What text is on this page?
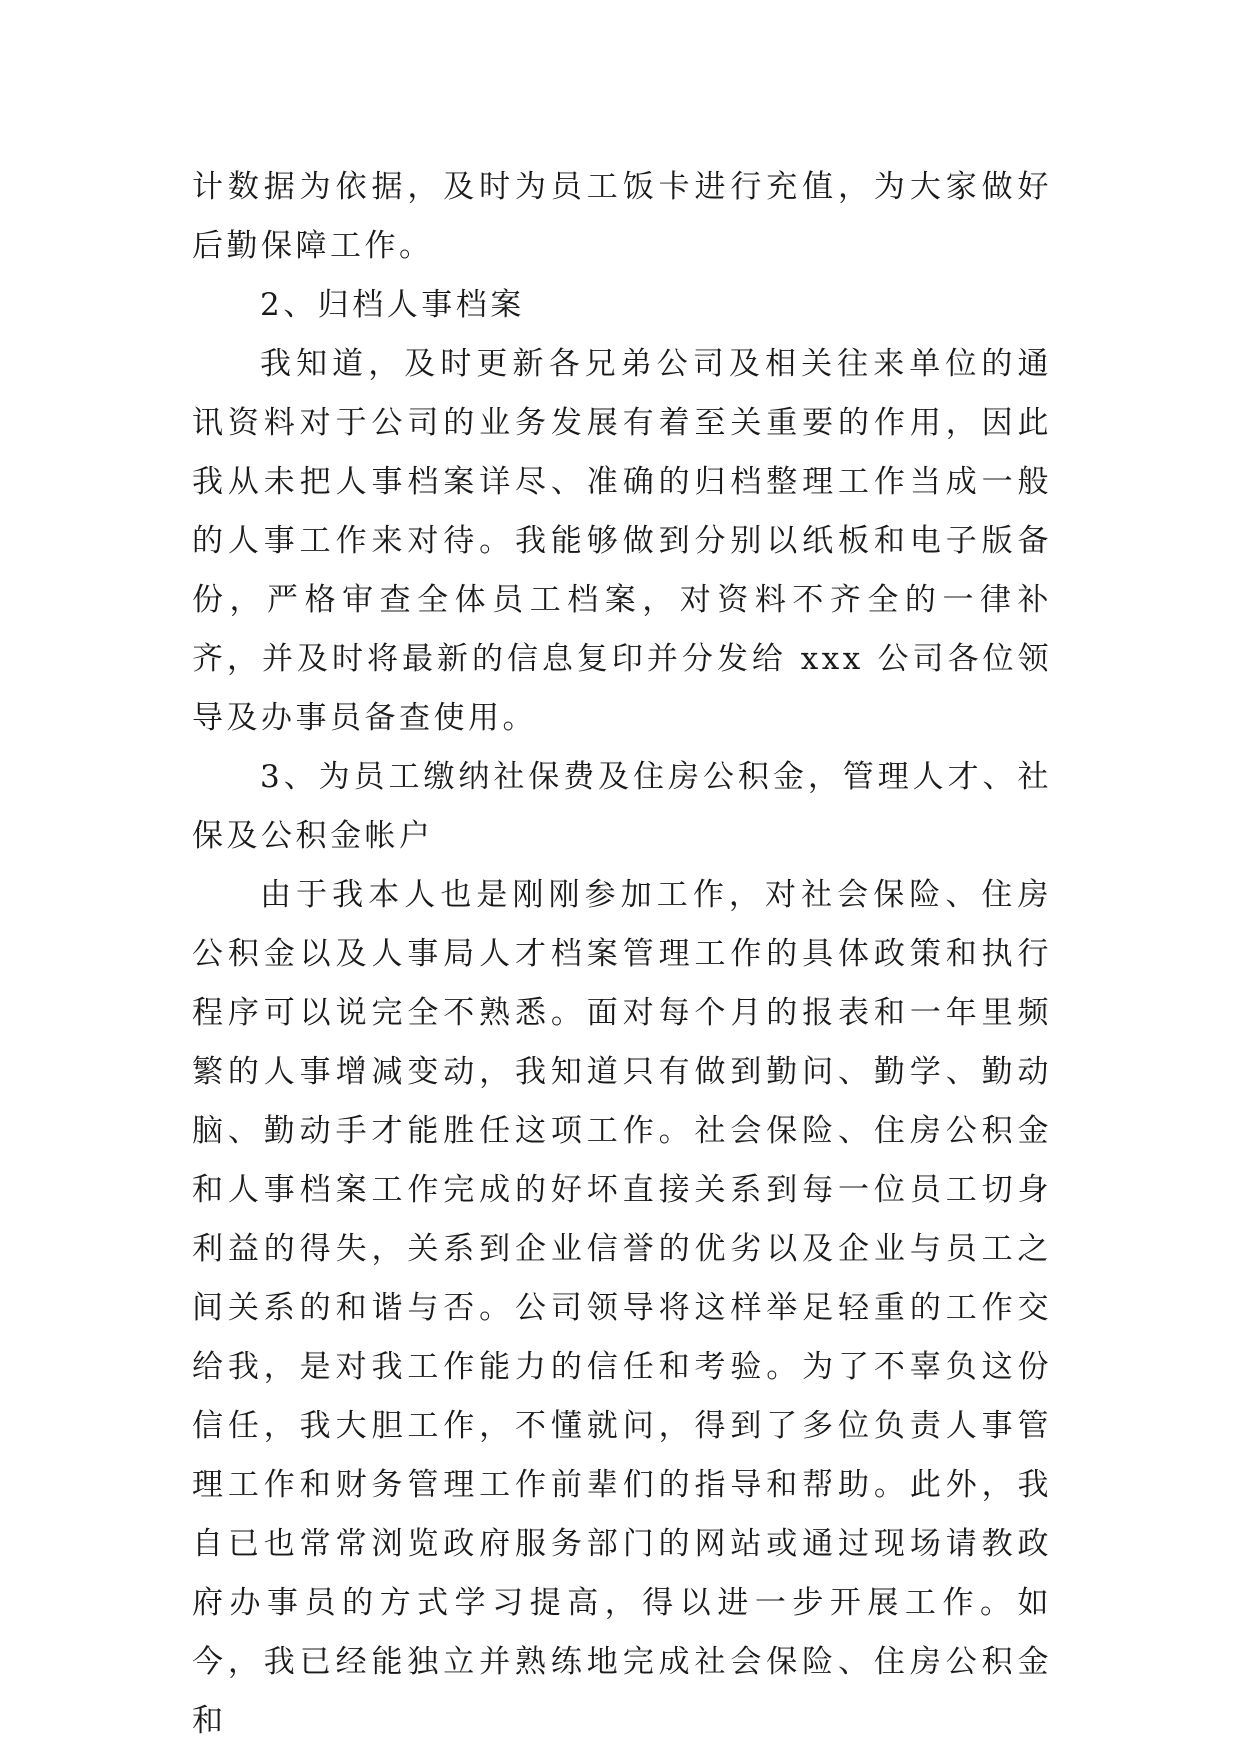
计数据为依据，及时为员工饭卡进行充值，为大家做好后勤保障工作。

2、归档人事档案

我知道，及时更新各兄弟公司及相关往来单位的通讯资料对于公司的业务发展有着至关重要的作用，因此我从未把人事档案详尽、准确的归档整理工作当成一般的人事工作来对待。我能够做到分别以纸板和电子版备份，严格审查全体员工档案，对资料不齐全的一律补齐，并及时将最新的信息复印并分发给 xxx 公司各位领导及办事员备查使用。

3、为员工缴纳社保费及住房公积金，管理人才、社保及公积金帐户

由于我本人也是刚刚参加工作，对社会保险、住房公积金以及人事局人才档案管理工作的具体政策和执行程序可以说完全不熟悉。面对每个月的报表和一年里频繁的人事增减变动，我知道只有做到勤问、勤学、勤动脑、勤动手才能胜任这项工作。社会保险、住房公积金和人事档案工作完成的好坏直接关系到每一位员工切身利益的得失，关系到企业信誉的优劣以及企业与员工之间关系的和谐与否。公司领导将这样举足轻重的工作交给我，是对我工作能力的信任和考验。为了不辜负这份信任，我大胆工作，不懂就问，得到了多位负责人事管理工作和财务管理工作前辈们的指导和帮助。此外，我自已也常常浏览政府服务部门的网站或通过现场请教政府办事员的方式学习提高，得以进一步开展工作。如今，我已经能独立并熟练地完成社会保险、住房公积金和
